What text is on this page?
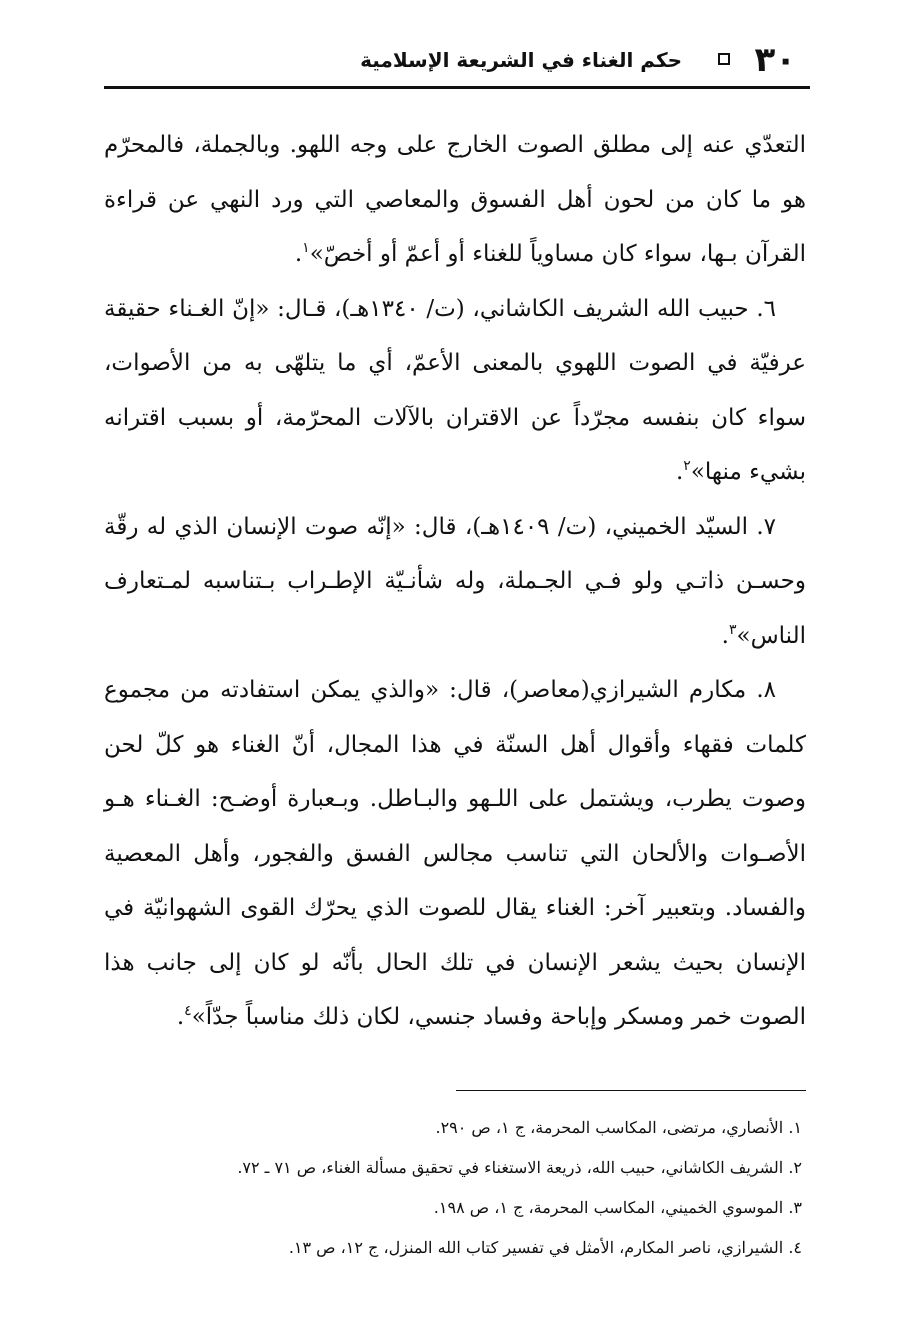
٣٠
حكم الغناء في الشريعة الإسلامية

التعدّي عنه إلى مطلق الصوت الخارج على وجه اللهو. وبالجملة، فالمحرّم هو ما كان من لحون أهل الفسوق والمعاصي التي ورد النهي عن قراءة القرآن بـها، سواء كان مساوياً للغناء أو أعمّ أو أخصّ»$^١$.

٦. حبيب الله الشريف الكاشاني، (ت/ ١٣٤٠هـ)، قـال: «إنّ الغـناء حقيقة عرفيّة في الصوت اللهوي بالمعنى الأعمّ، أي ما يتلهّى به من الأصوات، سواء كان بنفسه مجرّداً عن الاقتران بالآلات المحرّمة، أو بسبب اقترانه بشيء منها»$^٢$.

٧. السيّد الخميني، (ت/ ١٤٠٩هـ)، قال: «إنّه صوت الإنسان الذي له رقّة وحسـن ذاتـي ولو فـي الجـملة، وله شأنـيّة الإطـراب بـتناسبه لمـتعارف الناس»$^٣$.

٨. مكارم الشيرازي(معاصر)، قال: «والذي يمكن استفادته من مجموع كلمات فقهاء وأقوال أهل السنّة في هذا المجال، أنّ الغناء هو كلّ لحن وصوت يطرب، ويشتمل على اللـهو والبـاطل. وبـعبارة أوضـح: الغـناء هـو الأصـوات والألحان التي تناسب مجالس الفسق والفجور، وأهل المعصية والفساد. وبتعبير آخر: الغناء يقال للصوت الذي يحرّك القوى الشهوانيّة في الإنسان بحيث يشعر الإنسان في تلك الحال بأنّه لو كان إلى جانب هذا الصوت خمر ومسكر وإباحة وفساد جنسي، لكان ذلك مناسباً جدّاً»$^٤$.

١. الأنصاري، مرتضى، المكاسب المحرمة، ج ١، ص ٢٩٠.

٢. الشريف الكاشاني، حبيب الله، ذريعة الاستغناء في تحقيق مسألة الغناء، ص ٧١ ـ ٧٢.

٣. الموسوي الخميني، المكاسب المحرمة، ج ١، ص ١٩٨.

٤. الشيرازي، ناصر المكارم، الأمثل في تفسير كتاب الله المنزل، ج ١٢، ص ١٣.
